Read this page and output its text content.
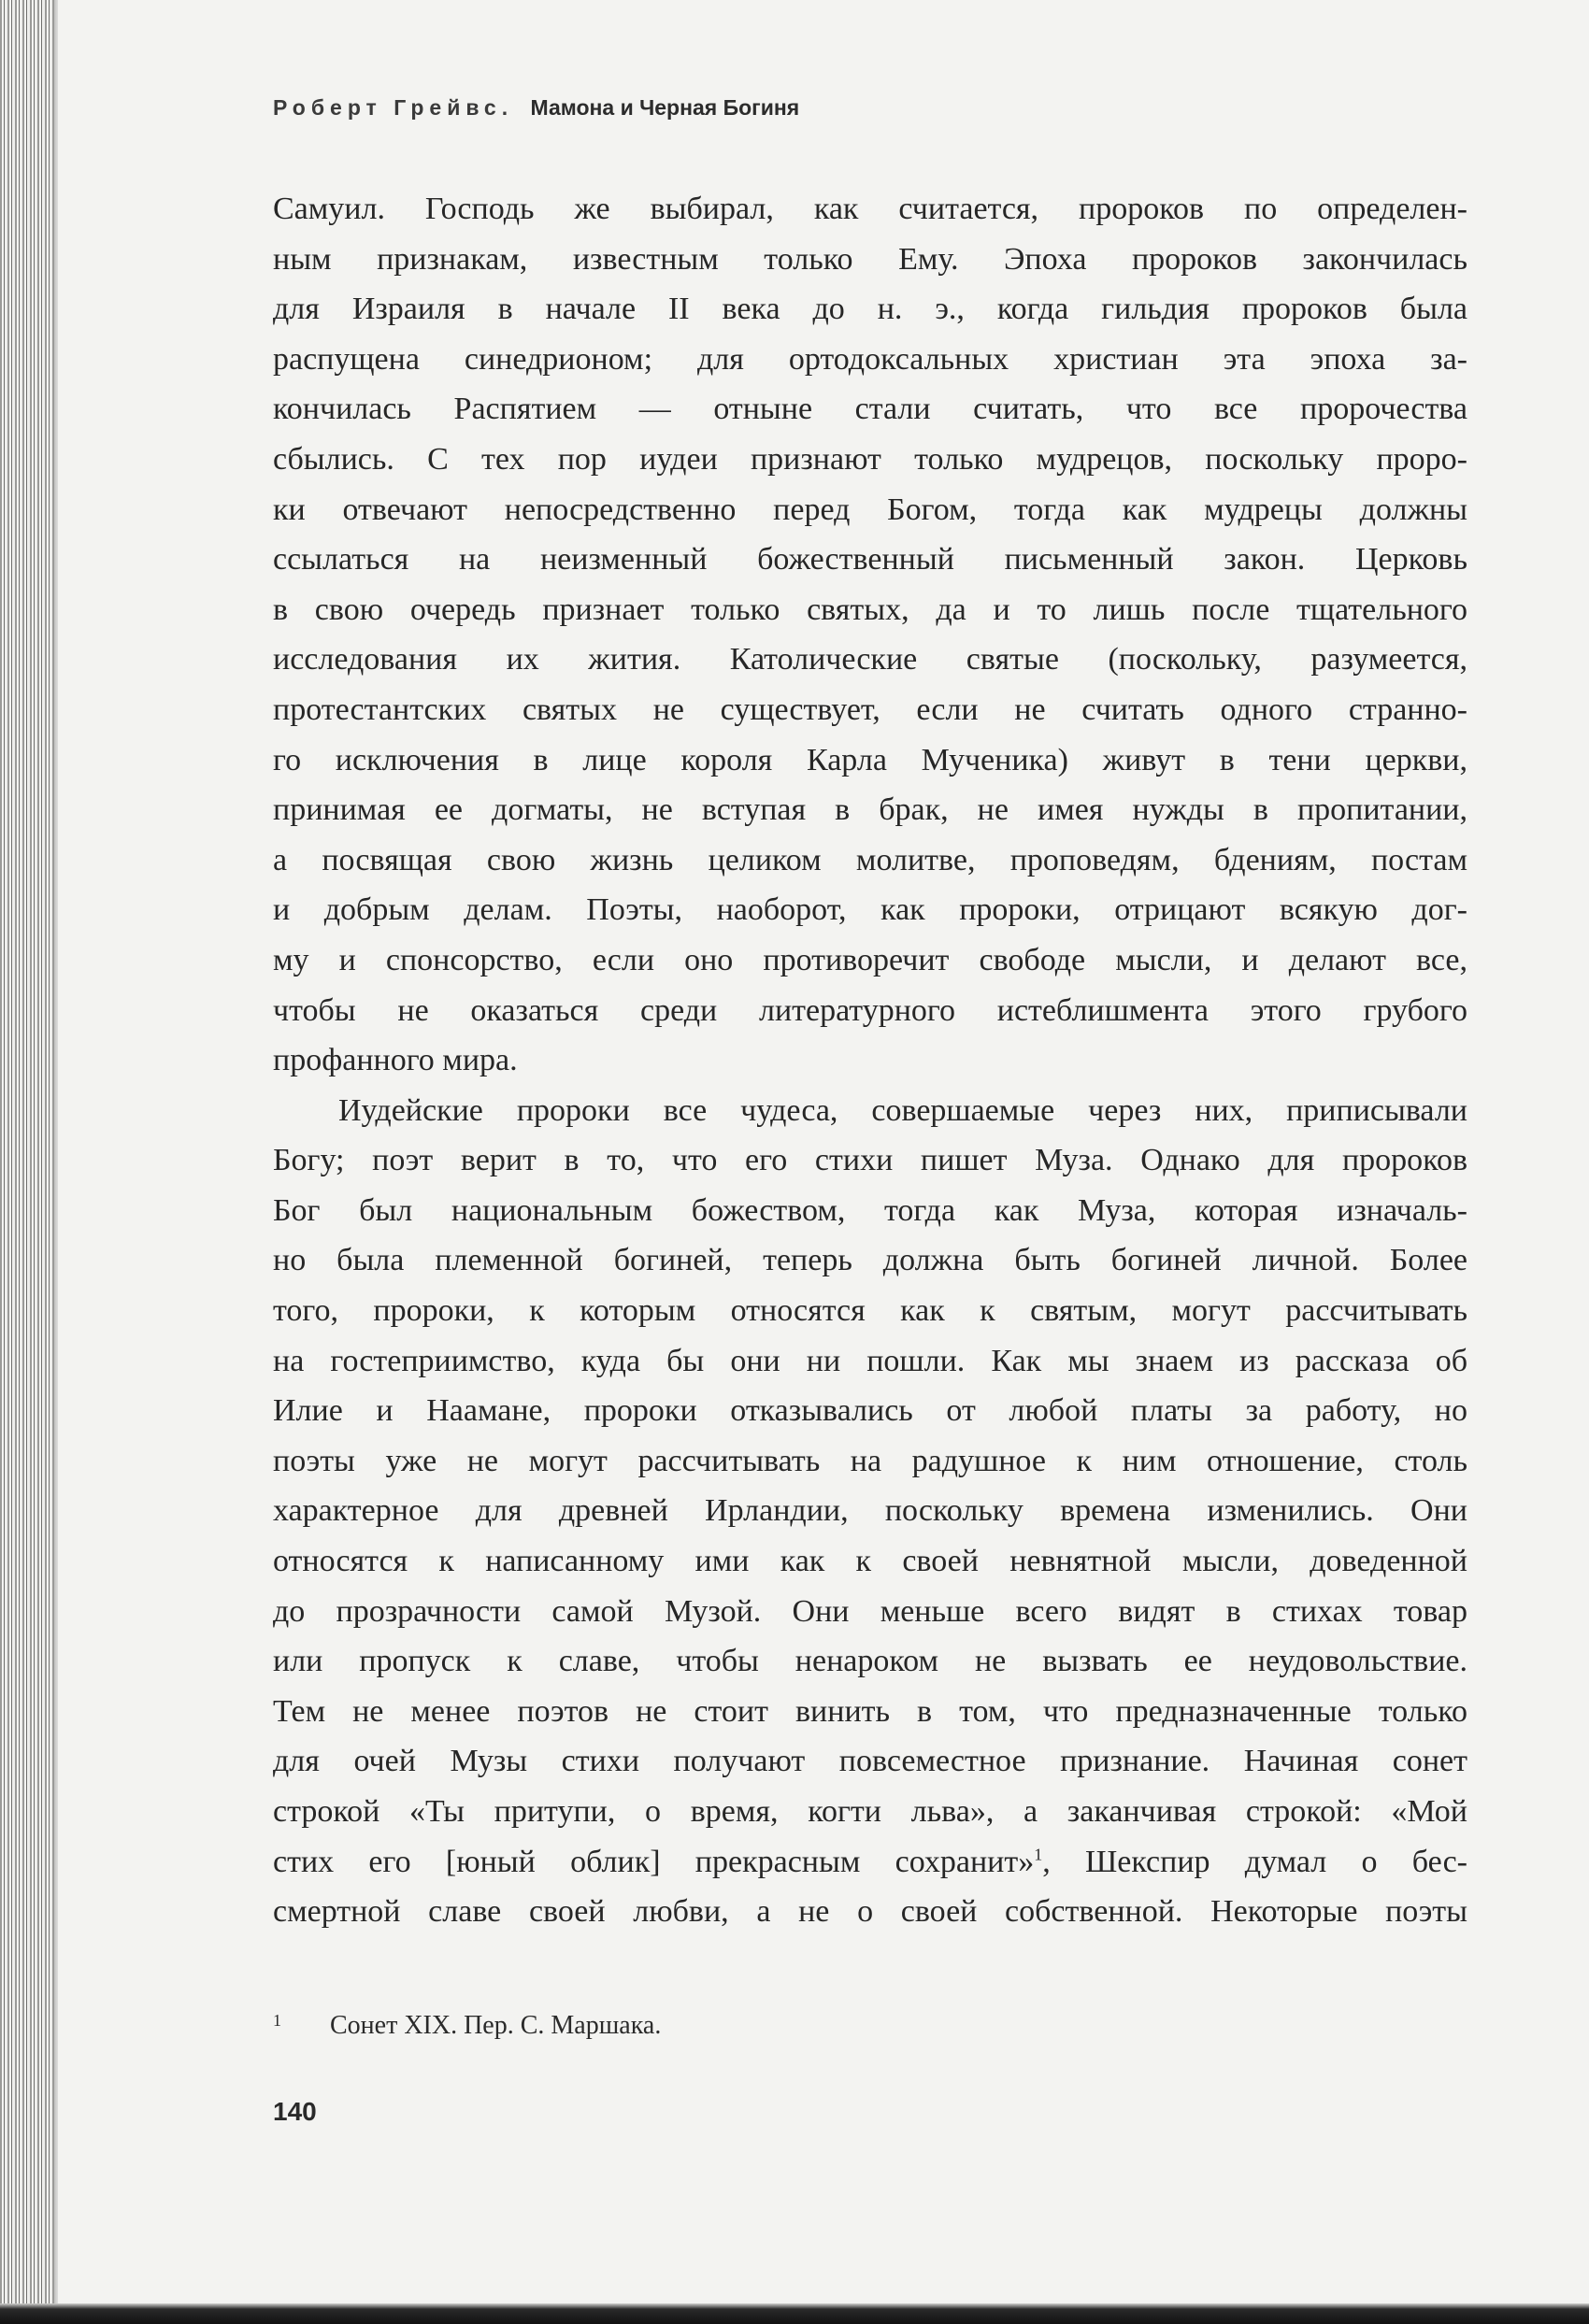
Роберт Грейвс. Мамона и Черная Богиня
Самуил. Господь же выбирал, как считается, пророков по определен-
ным признакам, известным только Ему. Эпоха пророков закончилась
для Израиля в начале II века до н. э., когда гильдия пророков была
распущена синедрионом; для ортодоксальных христиан эта эпоха за-
кончилась Распятием — отныне стали считать, что все пророчества
сбылись. С тех пор иудеи признают только мудрецов, поскольку проро-
ки отвечают непосредственно перед Богом, тогда как мудрецы должны
ссылаться на неизменный божественный письменный закон. Церковь
в свою очередь признает только святых, да и то лишь после тщательного
исследования их жития. Католические святые (поскольку, разумеется,
протестантских святых не существует, если не считать одного странно-
го исключения в лице короля Карла Мученика) живут в тени церкви,
принимая ее догматы, не вступая в брак, не имея нужды в пропитании,
а посвящая свою жизнь целиком молитве, проповедям, бдениям, постам
и добрым делам. Поэты, наоборот, как пророки, отрицают всякую дог-
му и спонсорство, если оно противоречит свободе мысли, и делают все,
чтобы не оказаться среди литературного истеблишмента этого грубого
профанного мира.
Иудейские пророки все чудеса, совершаемые через них, приписывали
Богу; поэт верит в то, что его стихи пишет Муза. Однако для пророков
Бог был национальным божеством, тогда как Муза, которая изначаль-
но была племенной богиней, теперь должна быть богиней личной. Более
того, пророки, к которым относятся как к святым, могут рассчитывать
на гостеприимство, куда бы они ни пошли. Как мы знаем из рассказа об
Илие и Наамане, пророки отказывались от любой платы за работу, но
поэты уже не могут рассчитывать на радушное к ним отношение, столь
характерное для древней Ирландии, поскольку времена изменились. Они
относятся к написанному ими как к своей невнятной мысли, доведенной
до прозрачности самой Музой. Они меньше всего видят в стихах товар
или пропуск к славе, чтобы ненароком не вызвать ее неудовольствие.
Тем не менее поэтов не стоит винить в том, что предназначенные только
для очей Музы стихи получают повсеместное признание. Начиная сонет
строкой «Ты притупи, о время, когти льва», а заканчивая строкой: «Мой
стих его [юный облик] прекрасным сохранит»$^1$, Шекспир думал о бес-
смертной славе своей любви, а не о своей собственной. Некоторые поэты
$^1$ Сонет XIX. Пер. С. Маршака.
140
